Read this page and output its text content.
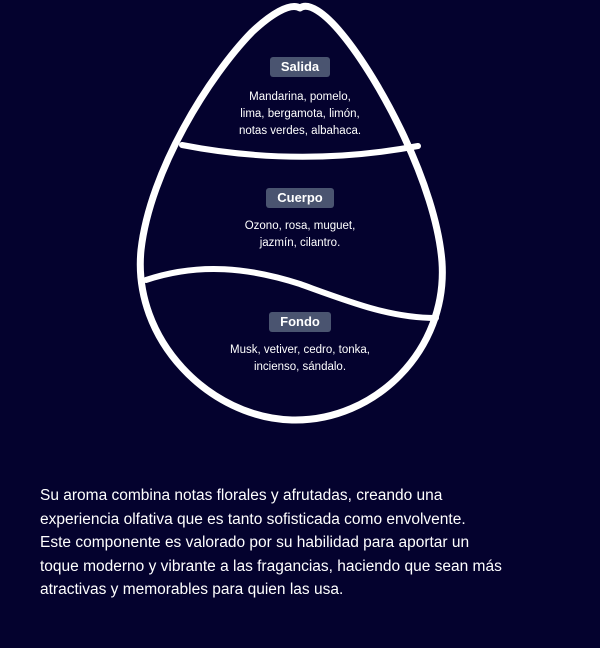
Salida
Mandarina, pomelo,
lima, bergamota, limón,
notas verdes, albahaca.
Cuerpo
Ozono, rosa, muguet,
jazmín, cilantro.
Fondo
Musk, vetiver, cedro, tonka,
incienso, sándalo.
Su aroma combina notas florales y afrutadas, creando una
experiencia olfativa que es tanto sofisticada como envolvente.
Este componente es valorado por su habilidad para aportar un
toque moderno y vibrante a las fragancias, haciendo que sean más
atractivas y memorables para quien las usa.
